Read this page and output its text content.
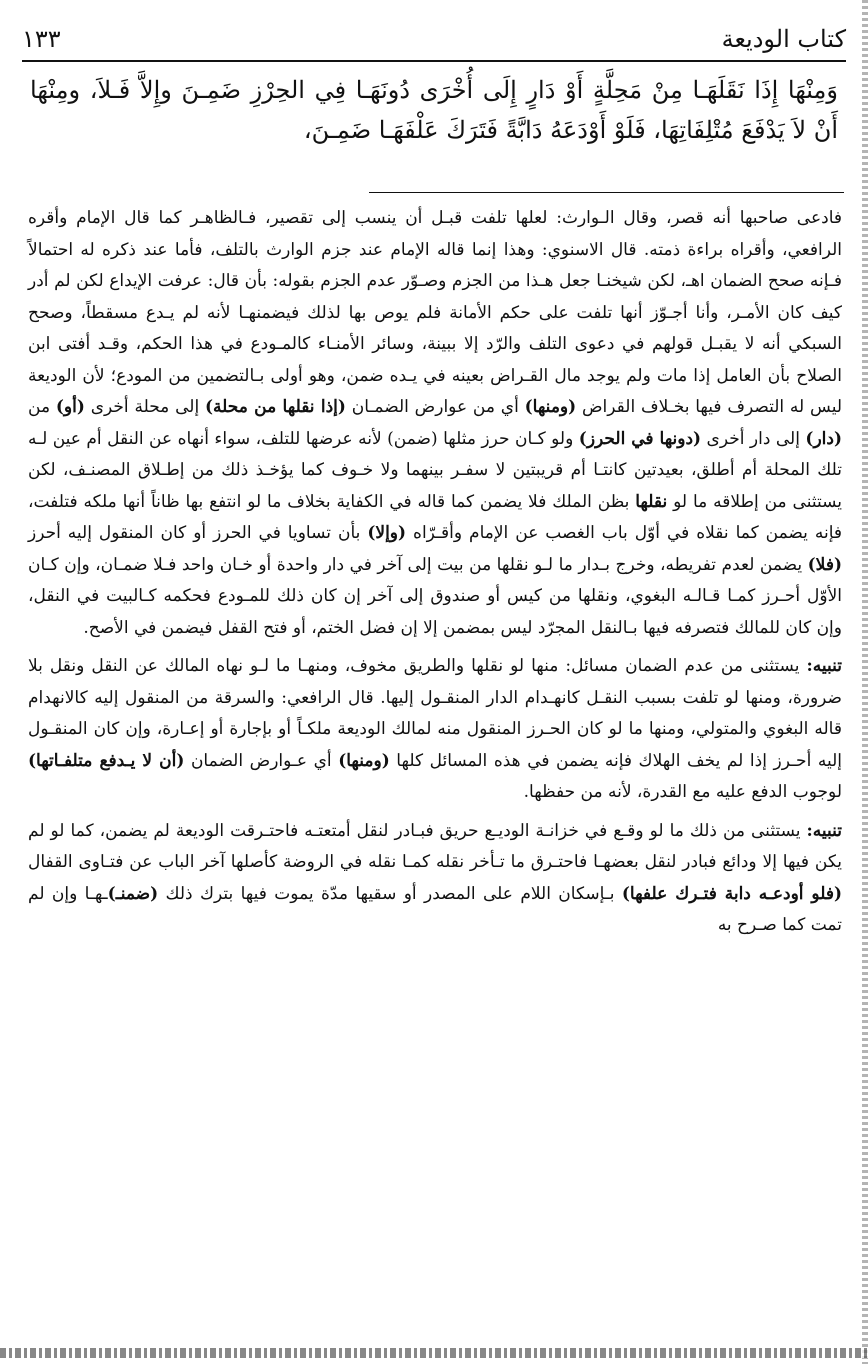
كتاب الوديعة
١٣٣
وَمِنْهَا إِذَا نَقَلَهَـا مِنْ مَحِلَّةٍ أَوْ دَارٍ إِلَى أُخْرَى دُونَهَـا فِي الحِرْزِ ضَمِـنَ وإِلاَّ فَـلاَ، ومِنْهَا أَنْ لاَ يَدْفَعَ مُتْلِفَاتِهَا، فَلَوْ أَوْدَعَهُ دَابَّةً فَتَرَكَ عَلْفَهَـا ضَمِـنَ،

فادعى صاحبها أنه قصر، وقال الـوارث: لعلها تلفت قبـل أن ينسب إلى تقصير، فـالظاهـر كما قال الإمام وأقره الرافعي، وأقراه براءة ذمته. قال الاسنوي: وهذا إنما قاله الإمام عند جزم الوارث بالتلف، فأما عند ذكره له احتمالاً فـإنه صحح الضمان اهـ، لكن شيخنـا جعل هـذا من الجزم وصـوّر عدم الجزم بقوله: بأن قال: عرفت الإيداع لكن لم أدر كيف كان الأمـر، وأنا أجـوّز أنها تلفت على حكم الأمانة فلم يوص بها لذلك فيضمنهـا لأنه لم يـدع مسقطاً، وصحح السبكي أنه لا يقبـل قولهم في دعوى التلف والرّد إلا ببينة، وسائر الأمنـاء كالمـودع في هذا الحكم، وقـد أفتى ابن الصلاح بأن العامل إذا مات ولم يوجد مال القـراض بعينه في يـده ضمن، وهو أولى بـالتضمين من المودع؛ لأن الوديعة ليس له التصرف فيها بخـلاف القراض (ومنها) أي من عوارض الضمـان (إذا نقلها من محلة) إلى محلة أخرى (أو) من (دار) إلى دار أخرى (دونها في الحرز) ولو كـان حرز مثلها (ضمن) لأنه عرضها للتلف، سواء أنهاه عن النقل أم عين لـه تلك المحلة أم أطلق، بعيدتين كانتـا أم قريبتين لا سفـر بينهما ولا خـوف كما يؤخـذ ذلك من إطـلاق المصنـف، لكن يستثنى من إطلاقه ما لو نقلها بظن الملك فلا يضمن كما قاله في الكفاية بخلاف ما لو انتفع بها ظاناً أنها ملكه فتلفت، فإنه يضمن كما نقلاه في أوّل باب الغصب عن الإمام وأقـرّاه (وإلا) بأن تساويا في الحرز أو كان المنقول إليه أحرز (فلا) يضمن لعدم تفريطه، وخرج بـدار ما لـو نقلها من بيت إلى آخر في دار واحدة أو خـان واحد فـلا ضمـان، وإن كـان الأوّل أحـرز كمـا قـالـه البغوي، ونقلها من كيس أو صندوق إلى آخر إن كان ذلك للمـودع فحكمه كـالبيت في النقل، وإن كان للمالك فتصرفه فيها بـالنقل المجرّد ليس بمضمن إلا إن فضل الختم، أو فتح القفل فيضمن في الأصح.

تنبيه: يستثنى من عدم الضمان مسائل: منها لو نقلها والطريق مخوف، ومنهـا ما لـو نهاه المالك عن النقل ونقل بلا ضرورة، ومنها لو تلفت بسبب النقـل كانهـدام الدار المنقـول إليها. قال الرافعي: والسرقة من المنقول إليه كالانهدام قاله البغوي والمتولي، ومنها ما لو كان الحـرز المنقول منه لمالك الوديعة ملكـاً أو بإجارة أو إعـارة، وإن كان المنقـول إليه أحـرز إذا لم يخف الهلاك فإنه يضمن في هذه المسائل كلها (ومنها) أي عـوارض الضمان (أن لا يـدفع متلفـاتها) لوجوب الدفع عليه مع القدرة، لأنه من حفظها.

تنبيه: يستثنى من ذلك ما لو وقـع في خزانـة الوديـع حريق فبـادر لنقل أمتعتـه فاحتـرقت الوديعة لم يضمن، كما لو لم يكن فيها إلا ودائع فبادر لنقل بعضهـا فاحتـرق ما تـأخر نقله كمـا نقله في الروضة كأصلها آخر الباب عن فتـاوى القفال (فلو أودعـه دابة فتـرك علفها) بـإسكان اللام على المصدر أو سقيها مدّة يموت فيها بترك ذلك (ضمنـ)ـهـا وإن لم تمت كما صـرح به
